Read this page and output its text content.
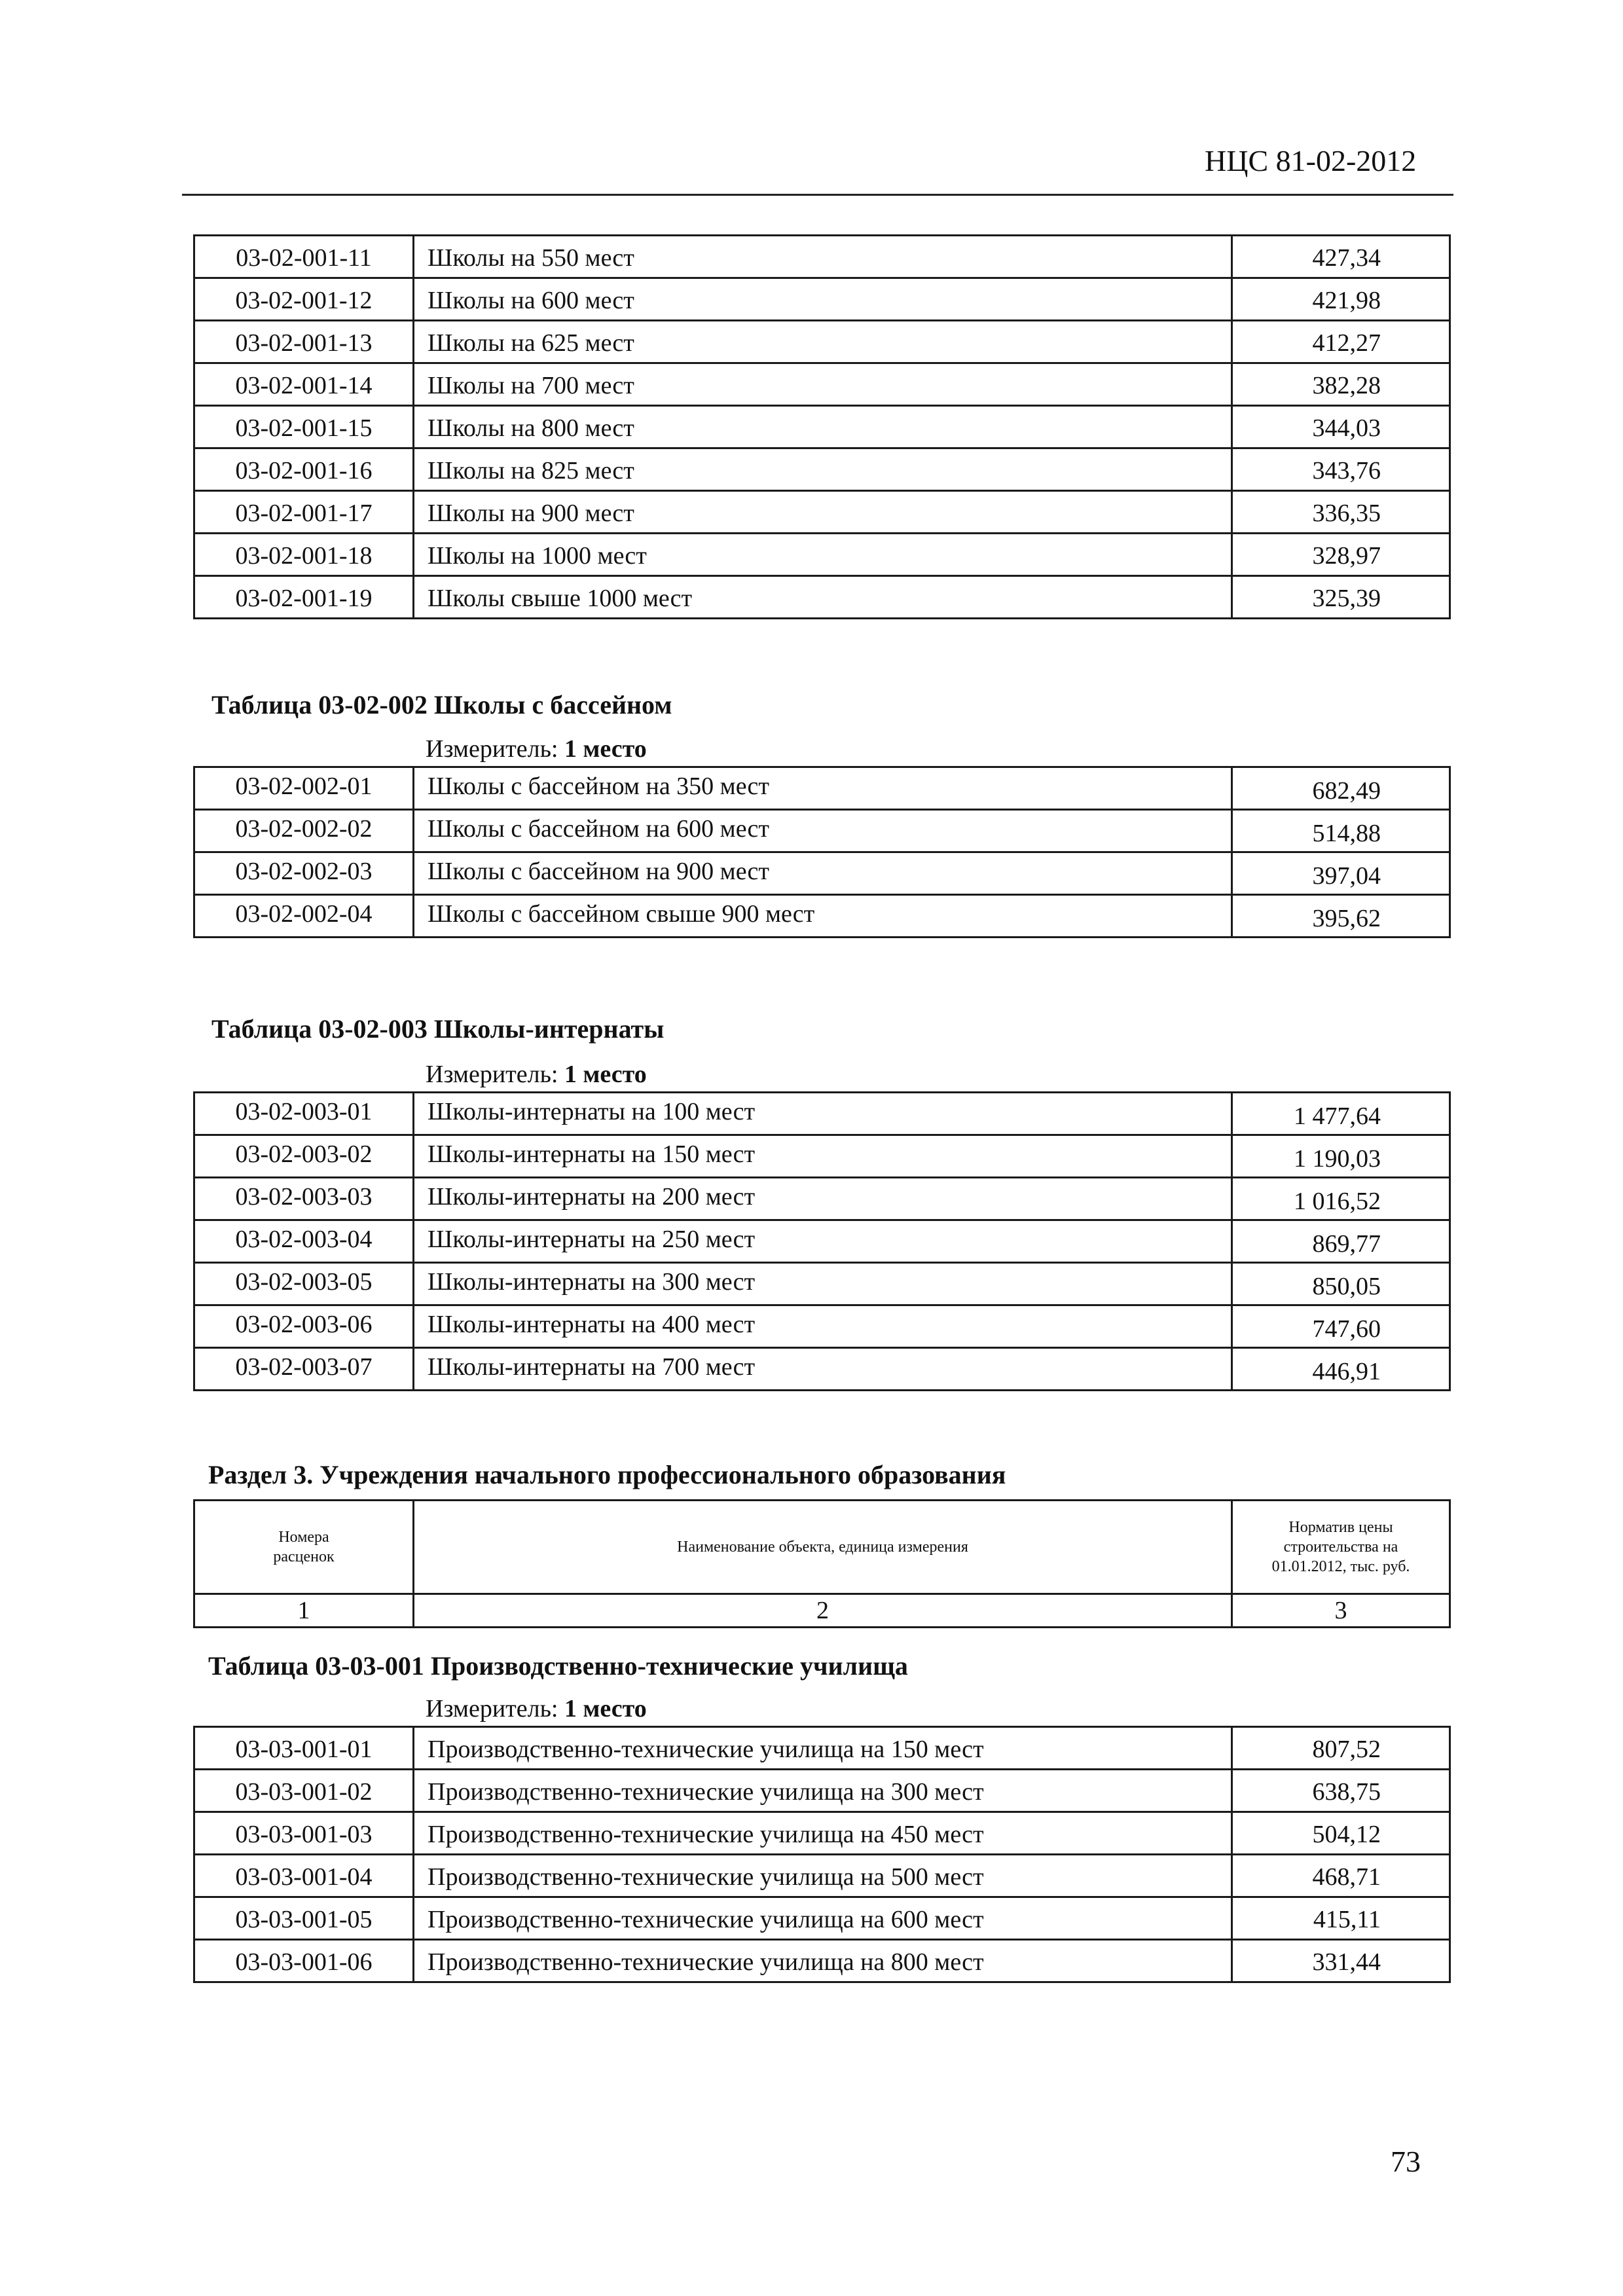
НЦС 81-02-2012
03-02-001-11	Школы на 550 мест	427,34
03-02-001-12	Школы на 600 мест	421,98
03-02-001-13	Школы на 625 мест	412,27
03-02-001-14	Школы на 700 мест	382,28
03-02-001-15	Школы на 800 мест	344,03
03-02-001-16	Школы на 825 мест	343,76
03-02-001-17	Школы на 900 мест	336,35
03-02-001-18	Школы на 1000 мест	328,97
03-02-001-19	Школы свыше 1000 мест	325,39
Таблица 03-02-002 Школы с бассейном
Измеритель: 1 место
03-02-002-01	Школы с бассейном на 350 мест	682,49
03-02-002-02	Школы с бассейном на 600 мест	514,88
03-02-002-03	Школы с бассейном на 900 мест	397,04
03-02-002-04	Школы с бассейном свыше 900 мест	395,62
Таблица 03-02-003 Школы-интернаты
Измеритель: 1 место
03-02-003-01	Школы-интернаты на 100 мест	1 477,64
03-02-003-02	Школы-интернаты на 150 мест	1 190,03
03-02-003-03	Школы-интернаты на 200 мест	1 016,52
03-02-003-04	Школы-интернаты на 250 мест	869,77
03-02-003-05	Школы-интернаты на 300 мест	850,05
03-02-003-06	Школы-интернаты на 400 мест	747,60
03-02-003-07	Школы-интернаты на 700 мест	446,91
Раздел 3. Учреждения начального профессионального образования
Номера расценок	Наименование объекта, единица измерения	Норматив цены строительства на 01.01.2012, тыс. руб.
1	2	3
Таблица 03-03-001 Производственно-технические училища
Измеритель: 1 место
03-03-001-01	Производственно-технические училища на 150 мест	807,52
03-03-001-02	Производственно-технические училища на 300 мест	638,75
03-03-001-03	Производственно-технические училища на 450 мест	504,12
03-03-001-04	Производственно-технические училища на 500 мест	468,71
03-03-001-05	Производственно-технические училища на 600 мест	415,11
03-03-001-06	Производственно-технические училища на 800 мест	331,44
73
